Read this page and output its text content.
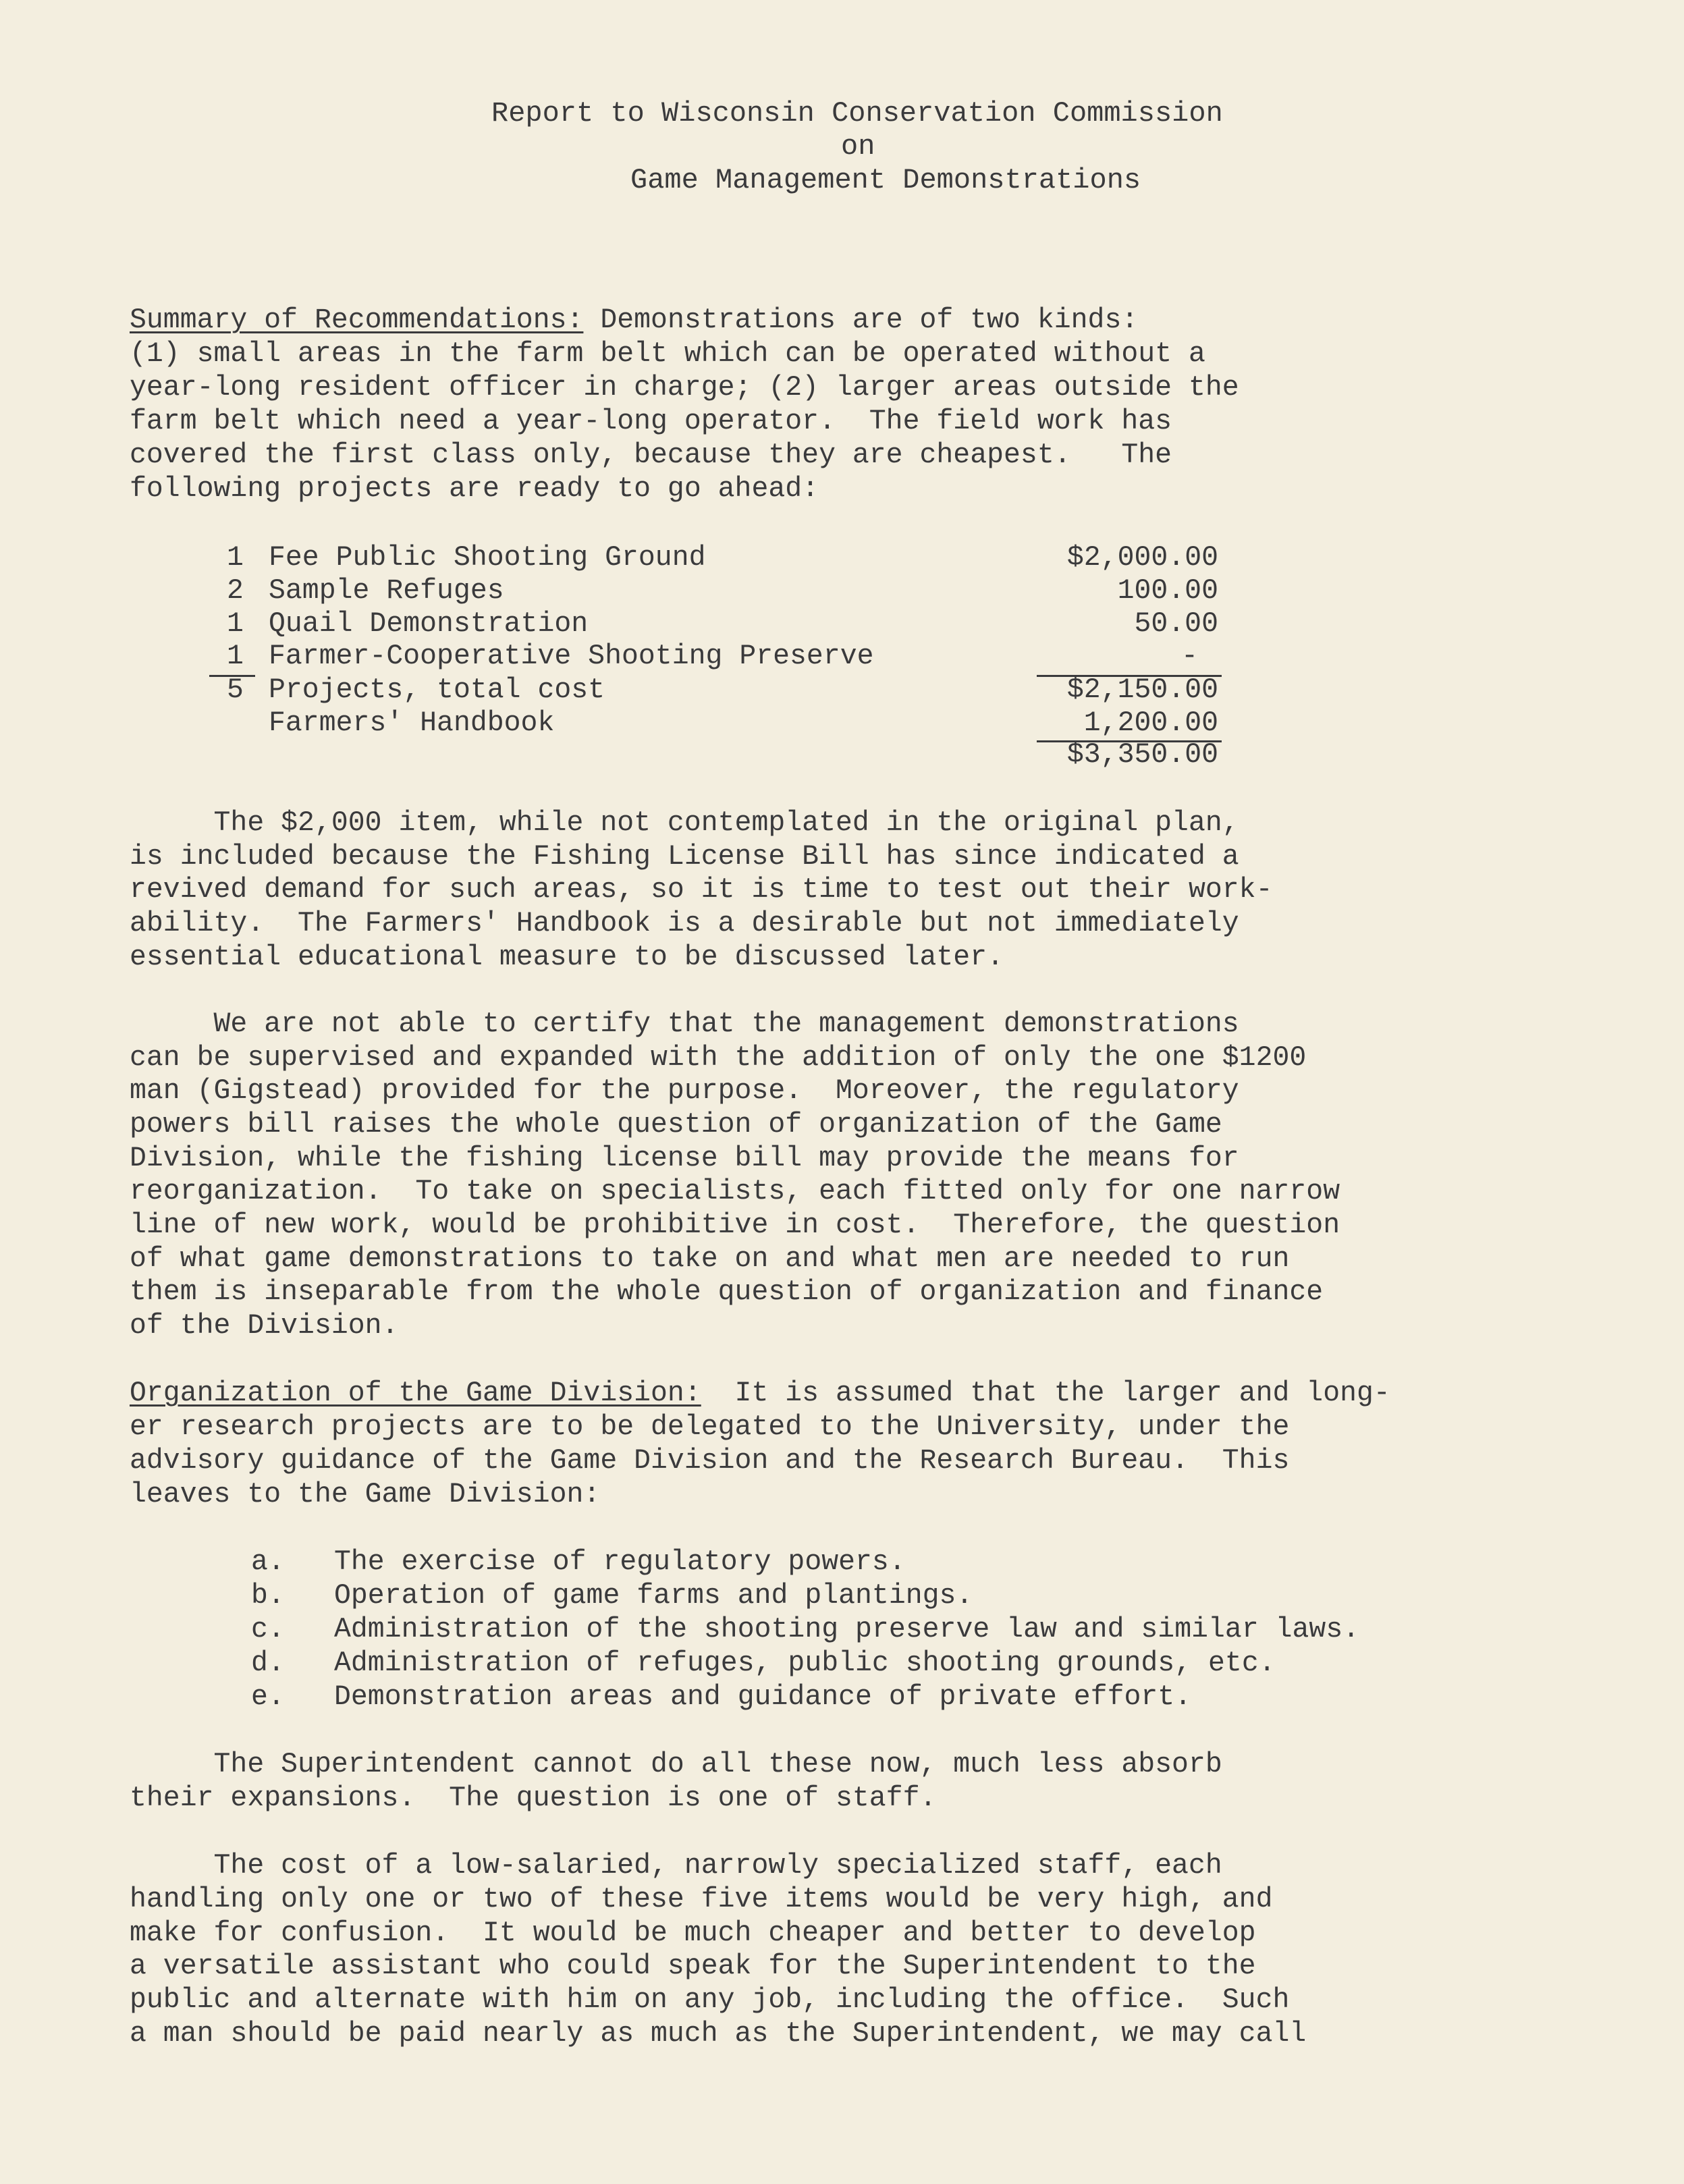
Report to Wisconsin Conservation Commission
on
Game Management Demonstrations
Summary of Recommendations: Demonstrations are of two kinds:
(1) small areas in the farm belt which can be operated without a
year-long resident officer in charge; (2) larger areas outside the
farm belt which need a year-long operator.  The field work has
covered the first class only, because they are cheapest.   The
following projects are ready to go ahead:
1 Fee Public Shooting Ground	$2,000.00
2 Sample Refuges	100.00
1 Quail Demonstration	50.00
1 Farmer-Cooperative Shooting Preserve	-
5 Projects, total cost	$2,150.00
Farmers' Handbook	1,200.00
$3,350.00
The $2,000 item, while not contemplated in the original plan,
is included because the Fishing License Bill has since indicated a
revived demand for such areas, so it is time to test out their work-
ability.  The Farmers' Handbook is a desirable but not immediately
essential educational measure to be discussed later.
We are not able to certify that the management demonstrations
can be supervised and expanded with the addition of only the one $1200
man (Gigstead) provided for the purpose.  Moreover, the regulatory
powers bill raises the whole question of organization of the Game
Division, while the fishing license bill may provide the means for
reorganization.  To take on specialists, each fitted only for one narrow
line of new work, would be prohibitive in cost.  Therefore, the question
of what game demonstrations to take on and what men are needed to run
them is inseparable from the whole question of organization and finance
of the Division.
Organization of the Game Division:  It is assumed that the larger and long-
er research projects are to be delegated to the University, under the
advisory guidance of the Game Division and the Research Bureau.  This
leaves to the Game Division:
a. The exercise of regulatory powers.
b. Operation of game farms and plantings.
c. Administration of the shooting preserve law and similar laws.
d. Administration of refuges, public shooting grounds, etc.
e. Demonstration areas and guidance of private effort.
The Superintendent cannot do all these now, much less absorb
their expansions.  The question is one of staff.
The cost of a low-salaried, narrowly specialized staff, each
handling only one or two of these five items would be very high, and
make for confusion.  It would be much cheaper and better to develop
a versatile assistant who could speak for the Superintendent to the
public and alternate with him on any job, including the office.  Such
a man should be paid nearly as much as the Superintendent, we may call
